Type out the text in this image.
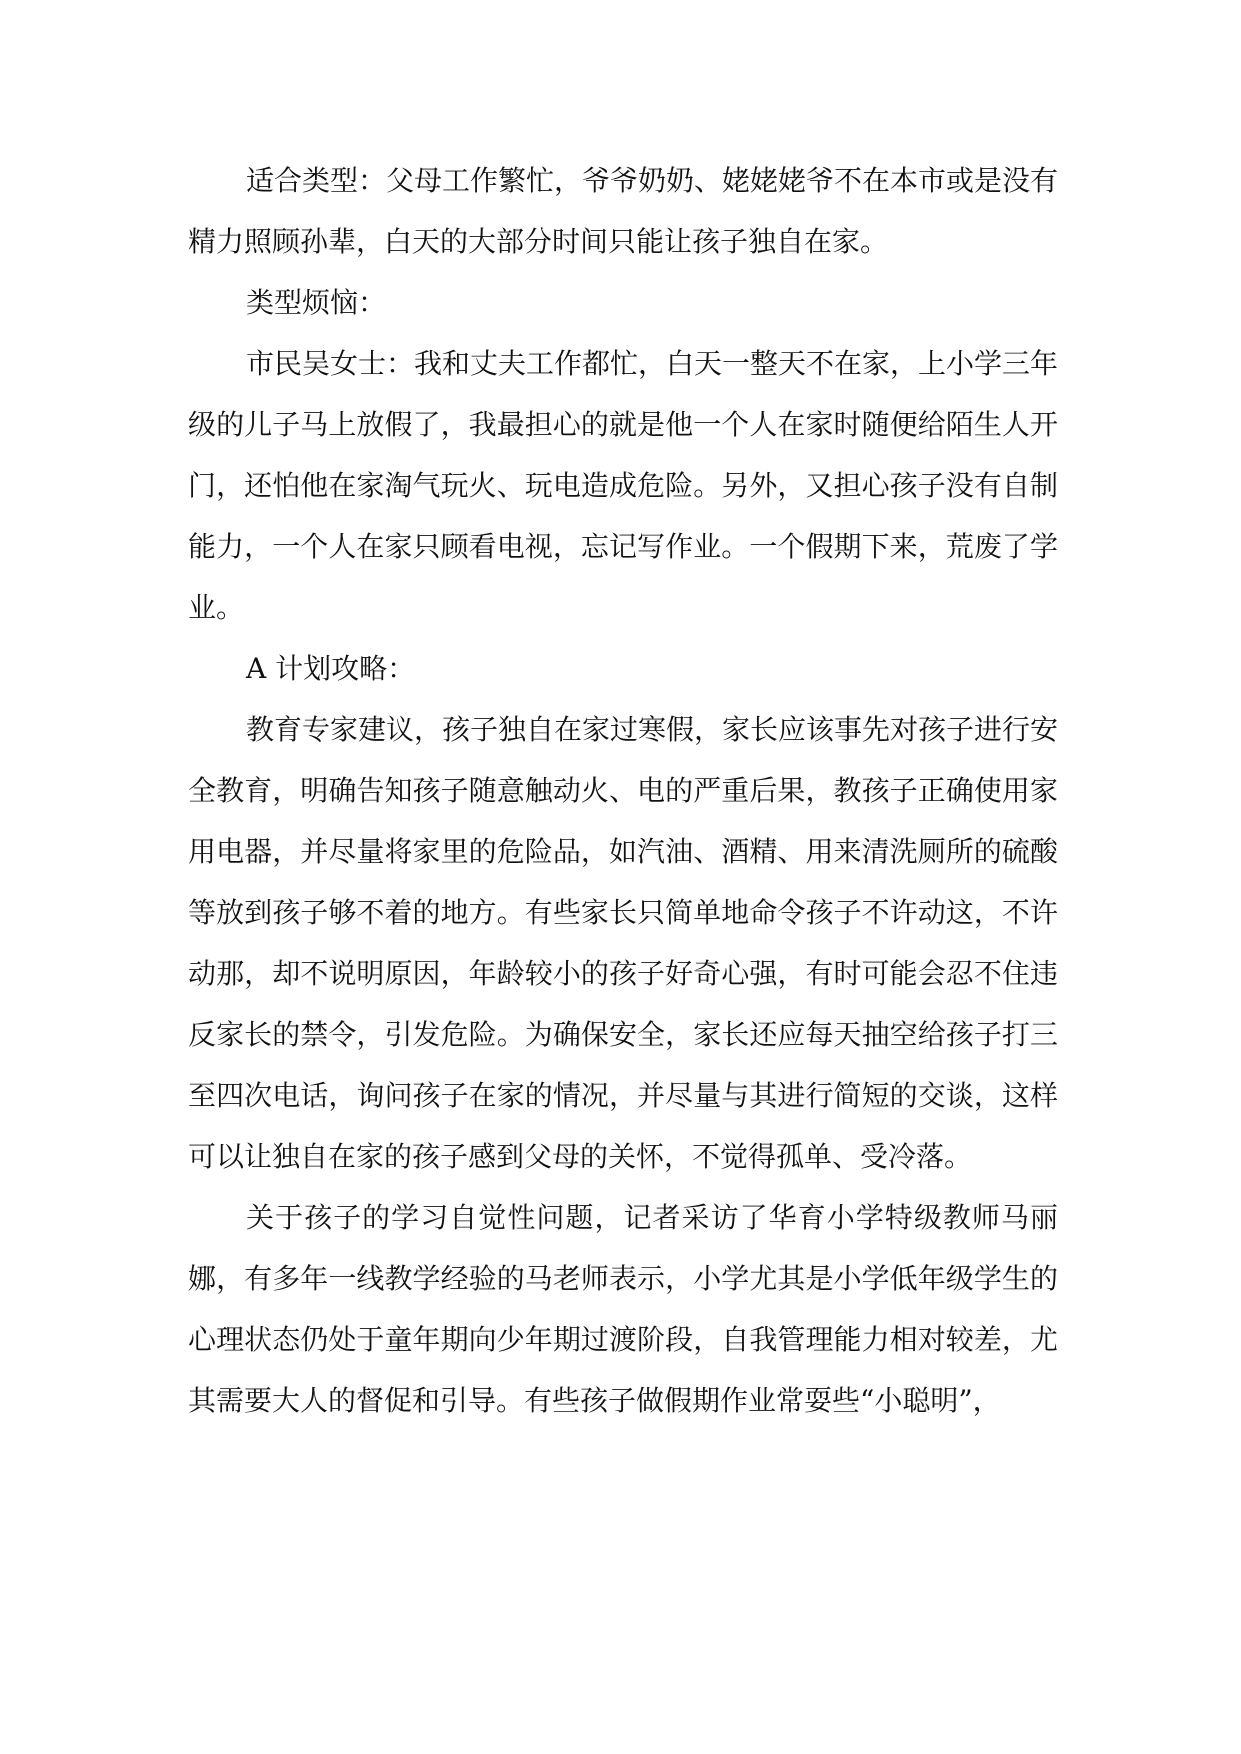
适合类型：父母工作繁忙，爷爷奶奶、姥姥姥爷不在本市或是没有精力照顾孙辈，白天的大部分时间只能让孩子独自在家。

类型烦恼：

市民吴女士：我和丈夫工作都忙，白天一整天不在家，上小学三年级的儿子马上放假了，我最担心的就是他一个人在家时随便给陌生人开门，还怕他在家淘气玩火、玩电造成危险。另外，又担心孩子没有自制能力，一个人在家只顾看电视，忘记写作业。一个假期下来，荒废了学业。

A 计划攻略：

教育专家建议，孩子独自在家过寒假，家长应该事先对孩子进行安全教育，明确告知孩子随意触动火、电的严重后果，教孩子正确使用家用电器，并尽量将家里的危险品，如汽油、酒精、用来清洗厕所的硫酸等放到孩子够不着的地方。有些家长只简单地命令孩子不许动这，不许动那，却不说明原因，年龄较小的孩子好奇心强，有时可能会忍不住违反家长的禁令，引发危险。为确保安全，家长还应每天抽空给孩子打三至四次电话，询问孩子在家的情况，并尽量与其进行简短的交谈，这样可以让独自在家的孩子感到父母的关怀，不觉得孤单、受冷落。

关于孩子的学习自觉性问题，记者采访了华育小学特级教师马丽娜，有多年一线教学经验的马老师表示，小学尤其是小学低年级学生的心理状态仍处于童年期向少年期过渡阶段，自我管理能力相对较差，尤其需要大人的督促和引导。有些孩子做假期作业常耍些“小聪明”，
